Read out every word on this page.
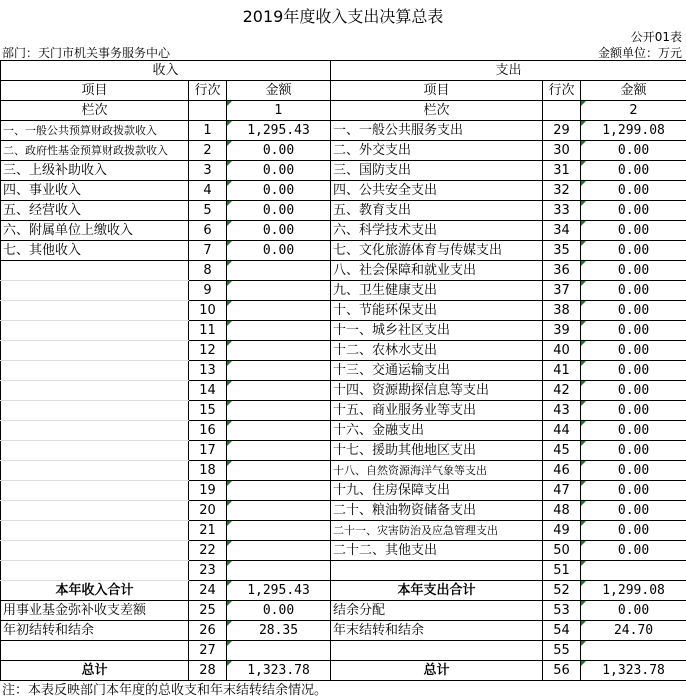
2019年度收入支出决算总表
公开01表
部门：天门市机关事务服务中心	金额单位：万元
收入			支出		
项目	行次	金额	项目	行次	金额
栏次		1	栏次		2
一、一般公共预算财政拨款收入	1	1,295.43	一、一般公共服务支出	29	1,299.08
二、政府性基金预算财政拨款收入	2	0.00	二、外交支出	30	0.00
三、上级补助收入	3	0.00	三、国防支出	31	0.00
四、事业收入	4	0.00	四、公共安全支出	32	0.00
五、经营收入	5	0.00	五、教育支出	33	0.00
六、附属单位上缴收入	6	0.00	六、科学技术支出	34	0.00
七、其他收入	7	0.00	七、文化旅游体育与传媒支出	35	0.00
	8		八、社会保障和就业支出	36	0.00
	9		九、卫生健康支出	37	0.00
	10		十、节能环保支出	38	0.00
	11		十一、城乡社区支出	39	0.00
	12		十二、农林水支出	40	0.00
	13		十三、交通运输支出	41	0.00
	14		十四、资源勘探信息等支出	42	0.00
	15		十五、商业服务业等支出	43	0.00
	16		十六、金融支出	44	0.00
	17		十七、援助其他地区支出	45	0.00
	18		十八、自然资源海洋气象等支出	46	0.00
	19		十九、住房保障支出	47	0.00
	20		二十、粮油物资储备支出	48	0.00
	21		二十一、灾害防治及应急管理支出	49	0.00
	22		二十二、其他支出	50	0.00
	23			51	
本年收入合计	24	1,295.43	本年支出合计	52	1,299.08
用事业基金弥补收支差额	25	0.00	结余分配	53	0.00
年初结转和结余	26	28.35	年末结转和结余	54	24.70
	27			55	
总计	28	1,323.78	总计	56	1,323.78
注：本表反映部门本年度的总收支和年末结转结余情况。
